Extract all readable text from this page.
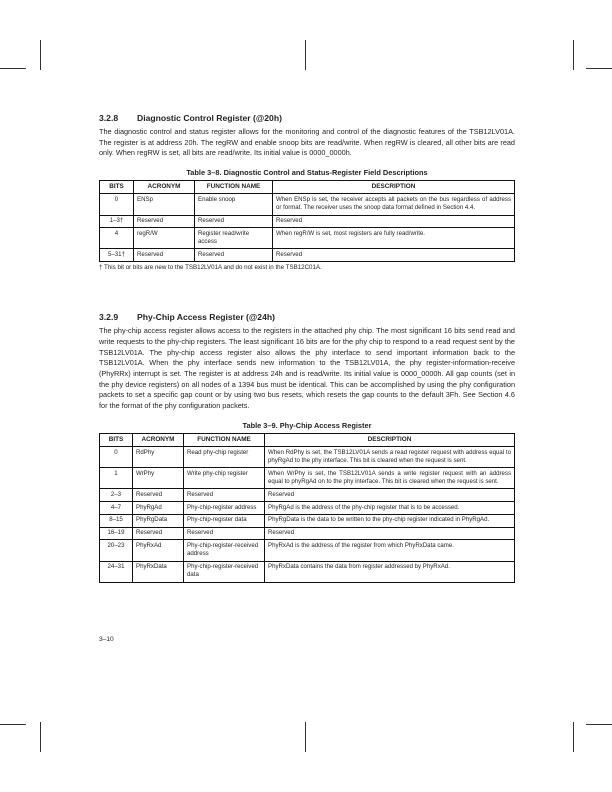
3.2.8 Diagnostic Control Register (@20h)
The diagnostic control and status register allows for the monitoring and control of the diagnostic features of the TSB12LV01A. The register is at address 20h. The regRW and enable snoop bits are read/write. When regRW is cleared, all other bits are read only. When regRW is set, all bits are read/write. Its initial value is 0000_0000h.
Table 3–8. Diagnostic Control and Status-Register Field Descriptions
BITS	ACRONYM	FUNCTION NAME	DESCRIPTION
0	ENSp	Enable snoop	When ENSp is set, the receiver accepts all packets on the bus regardless of address or format. The receiver uses the snoop data format defined in Section 4.4.
1–3†	Reserved	Reserved	Reserved
4	regR/W	Register read/write access	When regR/W is set, most registers are fully read/write.
5–31†	Reserved	Reserved	Reserved
† This bit or bits are new to the TSB12LV01A and do not exist in the TSB12C01A.
3.2.9 Phy-Chip Access Register (@24h)
The phy-chip access register allows access to the registers in the attached phy chip. The most significant 16 bits send read and write requests to the phy-chip registers. The least significant 16 bits are for the phy chip to respond to a read request sent by the TSB12LV01A. The phy-chip access register also allows the phy interface to send important information back to the TSB12LV01A. When the phy interface sends new information to the TSB12LV01A, the phy register-information-receive (PhyRRx) interrupt is set. The register is at address 24h and is read/write. Its initial value is 0000_0000h. All gap counts (set in the phy device registers) on all nodes of a 1394 bus must be identical. This can be accomplished by using the phy configuration packets to set a specific gap count or by using two bus resets, which resets the gap counts to the default 3Fh. See Section 4.6 for the format of the phy configuration packets.
Table 3–9. Phy-Chip Access Register
BITS	ACRONYM	FUNCTION NAME	DESCRIPTION
0	RdPhy	Read phy-chip register	When RdPhy is set, the TSB12LV01A sends a read register request with address equal to phyRgAd to the phy interface. This bit is cleared when the request is sent.
1	WrPhy	Write phy-chip register	When WrPhy is set, the TSB12LV01A sends a write register request with an address equal to phyRgAd on to the phy interface. This bit is cleared when the request is sent.
2–3	Reserved	Reserved	Reserved
4–7	PhyRgAd	Phy-chip-register address	PhyRgAd is the address of the phy-chip register that is to be accessed.
8–15	PhyRgData	Phy-chip-register data	PhyRgData is the data to be written to the phy-chip register indicated in PhyRgAd.
16–19	Reserved	Reserved	Reserved
20–23	PhyRxAd	Phy-chip-register-received address	PhyRxAd is the address of the register from which PhyRxData came.
24–31	PhyRxData	Phy-chip-register-received data	PhyRxData contains the data from register addressed by PhyRxAd.
3–10
